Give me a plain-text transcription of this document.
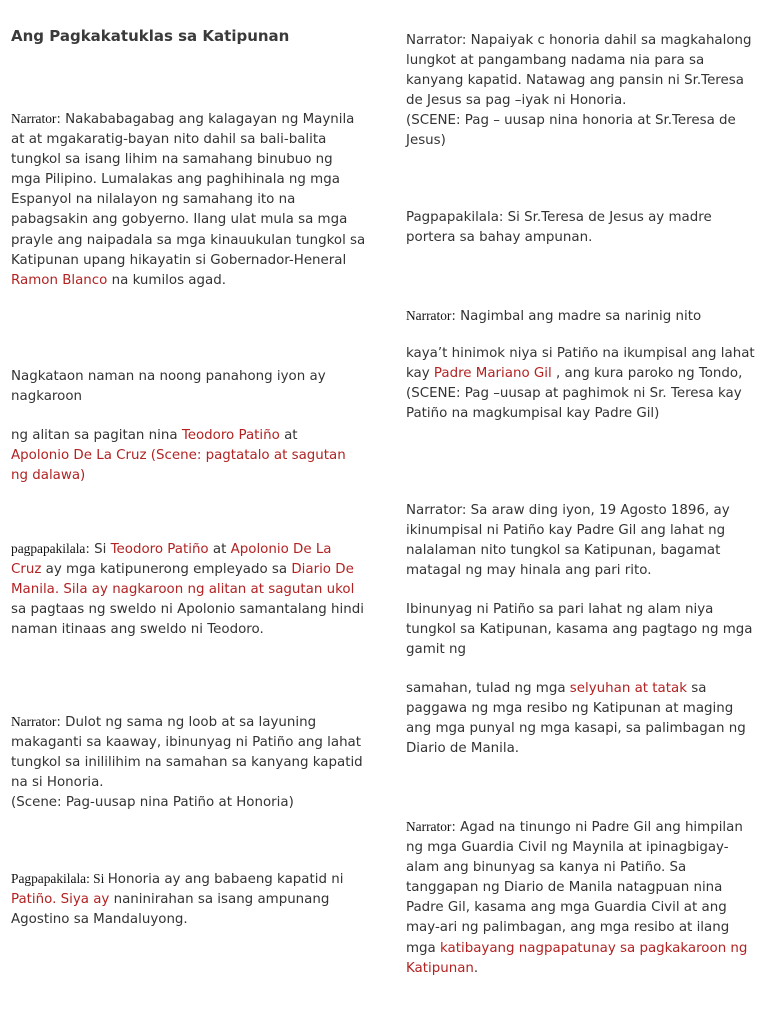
Ang Pagkakatuklas sa Katipunan
Narrator: Nakababagabag ang kalagayan ng Maynila at at mgakaratig-bayan nito dahil sa bali-balita tungkol sa isang lihim na samahang binubuo ng mga Pilipino. Lumalakas ang paghihinala ng mga Espanyol na nilalayon ng samahang ito na pabagsakin ang gobyerno. Ilang ulat mula sa mga prayle ang naipadala sa mga kinauukulan tungkol sa Katipunan upang hikayatin si Gobernador-Heneral Ramon Blanco na kumilos agad.
Nagkataon naman na noong panahong iyon ay nagkaroon
ng alitan sa pagitan nina Teodoro Patiño at Apolonio De La Cruz (Scene: pagtatalo at sagutan ng dalawa)
pagpapakilala: Si Teodoro Patiño at Apolonio De La Cruz ay mga katipunerong empleyado sa Diario De Manila. Sila ay nagkaroon ng alitan at sagutan ukol sa pagtaas ng sweldo ni Apolonio samantalang hindi naman itinaas ang sweldo ni Teodoro.
Narrator: Dulot ng sama ng loob at sa layuning makaganti sa kaaway, ibinunyag ni Patiño ang lahat tungkol sa inililihim na samahan sa kanyang kapatid na si Honoria.
(Scene: Pag-uusap nina Patiño at Honoria)
Pagpapakilala: Si Honoria ay ang babaeng kapatid ni Patiño. Siya ay naninirahan sa isang ampunang Agostino sa Mandaluyong.
Narrator: Napaiyak c honoria dahil sa magkahalong lungkot at pangambang nadama nia para sa kanyang kapatid. Natawag ang pansin ni Sr.Teresa de Jesus sa pag –iyak ni Honoria.
(SCENE: Pag – uusap nina honoria at Sr.Teresa de Jesus)
Pagpapakilala: Si Sr.Teresa de Jesus ay madre portera sa bahay ampunan.
Narrator: Nagimbal ang madre sa narinig nito
kaya’t hinimok niya si Patiño na ikumpisal ang lahat kay Padre Mariano Gil , ang kura paroko ng Tondo,
(SCENE: Pag –uusap at paghimok ni Sr. Teresa kay Patiño na magkumpisal kay Padre Gil)
Narrator: Sa araw ding iyon, 19 Agosto 1896, ay ikinumpisal ni Patiño kay Padre Gil ang lahat ng nalalaman nito tungkol sa Katipunan, bagamat matagal ng may hinala ang pari rito.
Ibinunyag ni Patiño sa pari lahat ng alam niya tungkol sa Katipunan, kasama ang pagtago ng mga gamit ng
samahan, tulad ng mga selyuhan at tatak sa paggawa ng mga resibo ng Katipunan at maging ang mga punyal ng mga kasapi, sa palimbagan ng Diario de Manila.
Narrator: Agad na tinungo ni Padre Gil ang himpilan ng mga Guardia Civil ng Maynila at ipinagbigay-alam ang binunyag sa kanya ni Patiño. Sa tanggapan ng Diario de Manila natagpuan nina Padre Gil, kasama ang mga Guardia Civil at ang may-ari ng palimbagan, ang mga resibo at ilang mga katibayang nagpapatunay sa pagkakaroon ng Katipunan.
